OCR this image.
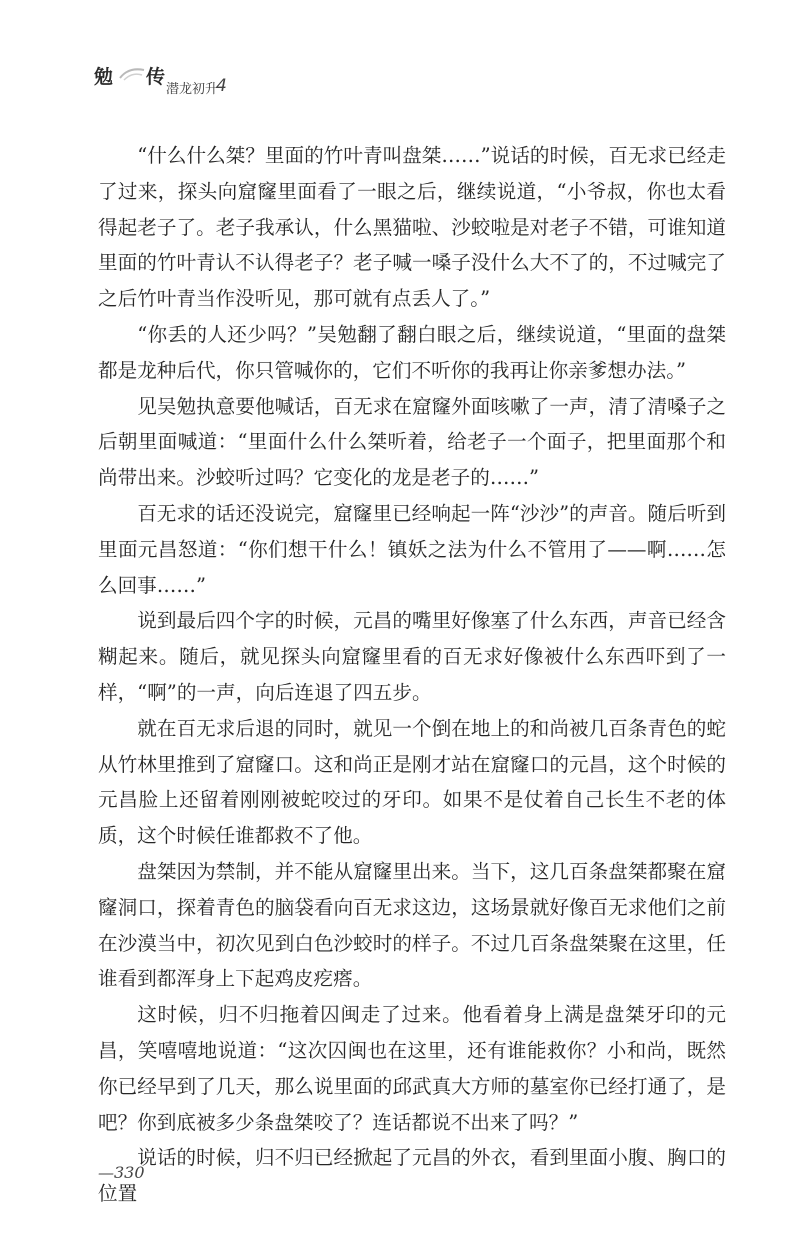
勉 传
潜龙初升
4

“什么什么桀？里面的竹叶青叫盘桀……”说话的时候，百无求已经走了过来，探头向窟窿里面看了一眼之后，继续说道，“小爷叔，你也太看得起老子了。老子我承认，什么黑猫啦、沙蛟啦是对老子不错，可谁知道里面的竹叶青认不认得老子？老子喊一嗓子没什么大不了的，不过喊完了之后竹叶青当作没听见，那可就有点丢人了。”

“你丢的人还少吗？”吴勉翻了翻白眼之后，继续说道，“里面的盘桀都是龙种后代，你只管喊你的，它们不听你的我再让你亲爹想办法。”

见吴勉执意要他喊话，百无求在窟窿外面咳嗽了一声，清了清嗓子之后朝里面喊道：“里面什么什么桀听着，给老子一个面子，把里面那个和尚带出来。沙蛟听过吗？它变化的龙是老子的……”

百无求的话还没说完，窟窿里已经响起一阵“沙沙”的声音。随后听到里面元昌怒道：“你们想干什么！镇妖之法为什么不管用了——啊……怎么回事……”

说到最后四个字的时候，元昌的嘴里好像塞了什么东西，声音已经含糊起来。随后，就见探头向窟窿里看的百无求好像被什么东西吓到了一样，“啊”的一声，向后连退了四五步。

就在百无求后退的同时，就见一个倒在地上的和尚被几百条青色的蛇从竹林里推到了窟窿口。这和尚正是刚才站在窟窿口的元昌，这个时候的元昌脸上还留着刚刚被蛇咬过的牙印。如果不是仗着自己长生不老的体质，这个时候任谁都救不了他。

盘桀因为禁制，并不能从窟窿里出来。当下，这几百条盘桀都聚在窟窿洞口，探着青色的脑袋看向百无求这边，这场景就好像百无求他们之前在沙漠当中，初次见到白色沙蛟时的样子。不过几百条盘桀聚在这里，任谁看到都浑身上下起鸡皮疙瘩。

这时候，归不归拖着囚闽走了过来。他看着身上满是盘桀牙印的元昌，笑嘻嘻地说道：“这次囚闽也在这里，还有谁能救你？小和尚，既然你已经早到了几天，那么说里面的邱武真大方师的墓室你已经打通了，是吧？你到底被多少条盘桀咬了？连话都说不出来了吗？”

说话的时候，归不归已经掀起了元昌的外衣，看到里面小腹、胸口的位置

—330
